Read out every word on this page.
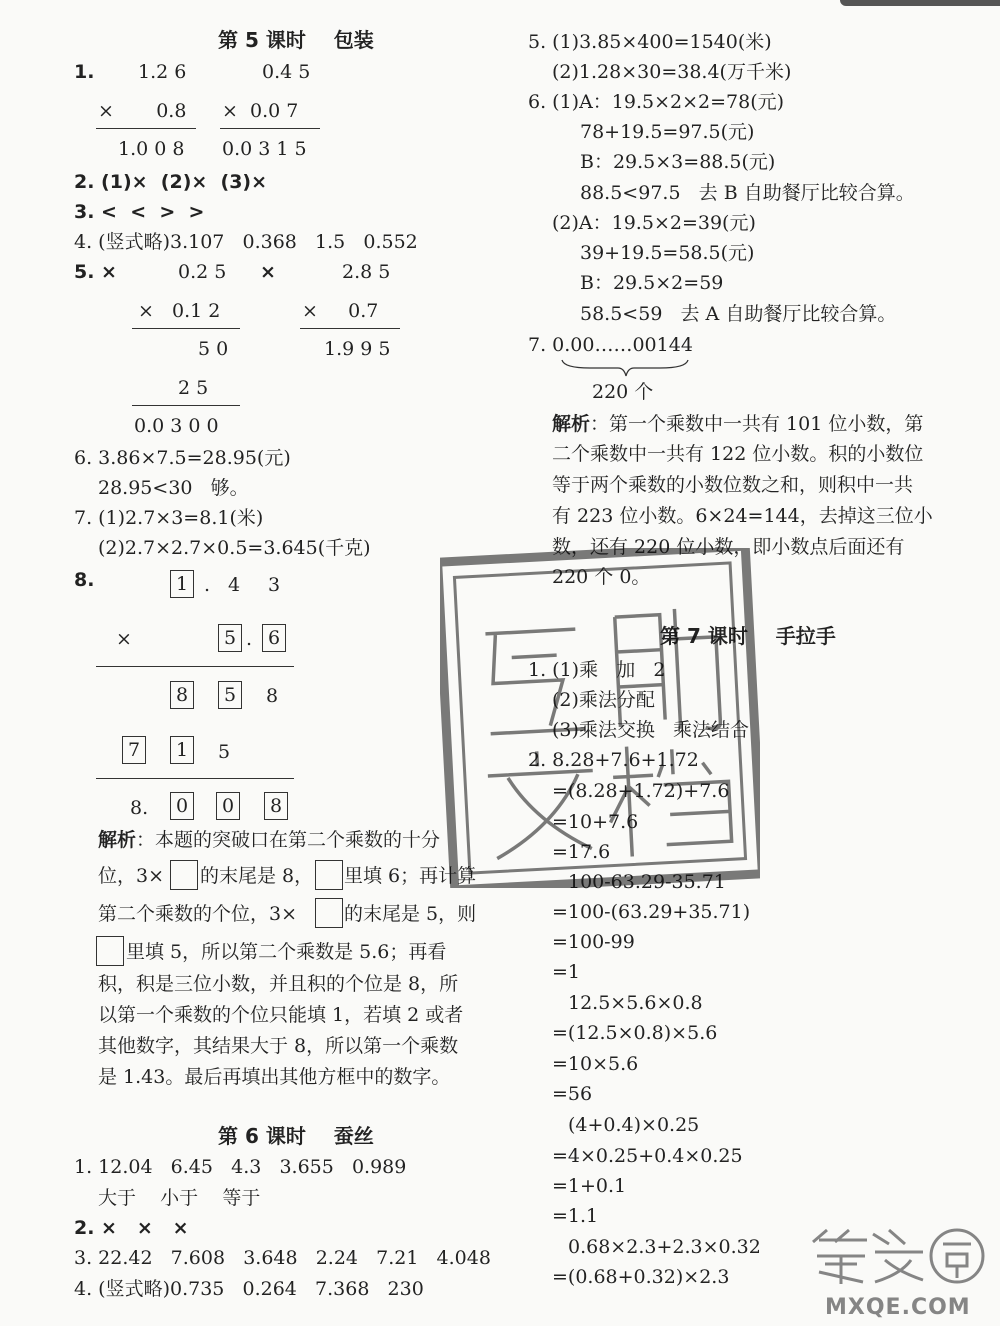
第 5 课时    包装
1. 1.2 6	0.4 5
×       0.8 ×  0.0 7
1.0 0 8 0.0 3 1 5
2. (1)×  (2)×  (3)×
3. <  <  >  >
4. (竖式略)3.107   0.368   1.5   0.552
5. ×	0.2 5 ×	2.8 5
×   0.1 2	×     0.7
5 0	1.9 9 5
2 5
0.0 3 0 0
6. 3.86×7.5=28.95(元)
28.95<30   够。
7. (1)2.7×3=8.1(米)
(2)2.7×2.7×0.5=3.645(千克)
8.	1 . 4 3
×	5 . 6
8	5	8
7	1	5
8.	0	0	8
解析：本题的突破口在第二个乘数的十分
位，3× 的末尾是 8， 里填 6；再计算
第二个乘数的个位，3× 的末尾是 5，则
里填 5，所以第二个乘数是 5.6；再看
积，积是三位小数，并且积的个位是 8，所
以第一个乘数的个位只能填 1，若填 2 或者
其他数字，其结果大于 8，所以第一个乘数
是 1.43。最后再填出其他方框中的数字。
第 6 课时    蚕丝
1. 12.04   6.45   4.3   3.655   0.989
大于    小于    等于
2. ×   ×   ×
3. 22.42   7.608   3.648   2.24   7.21   4.048
4. (竖式略)0.735   0.264   7.368   230
5. (1)3.85×400=1540(米)
(2)1.28×30=38.4(万千米)
6. (1)A：19.5×2×2=78(元)
78+19.5=97.5(元)
B：29.5×3=88.5(元)
88.5<97.5   去 B 自助餐厅比较合算。
(2)A：19.5×2=39(元)
39+19.5=58.5(元)
B：29.5×2=59
58.5<59   去 A 自助餐厅比较合算。
7. 0.00……00144
220 个
解析：第一个乘数中一共有 101 位小数，第
二个乘数中一共有 122 位小数。积的小数位
等于两个乘数的小数位数之和，则积中一共
有 223 位小数。6×24=144，去掉这三位小
数，还有 220 位小数，即小数点后面还有
220 个 0。
第 7 课时    手拉手
1. (1)乘   加   2
(2)乘法分配
(3)乘法交换   乘法结合
2. 8.28+7.6+1.72
=(8.28+1.72)+7.6
=10+7.6
=17.6
100-63.29-35.71
=100-(63.29+35.71)
=100-99
=1
12.5×5.6×0.8
=(12.5×0.8)×5.6
=10×5.6
=56
(4+0.4)×0.25
=4×0.25+0.4×0.25
=1+0.1
=1.1
0.68×2.3+2.3×0.32
=(0.68+0.32)×2.3
MXQE.COM
